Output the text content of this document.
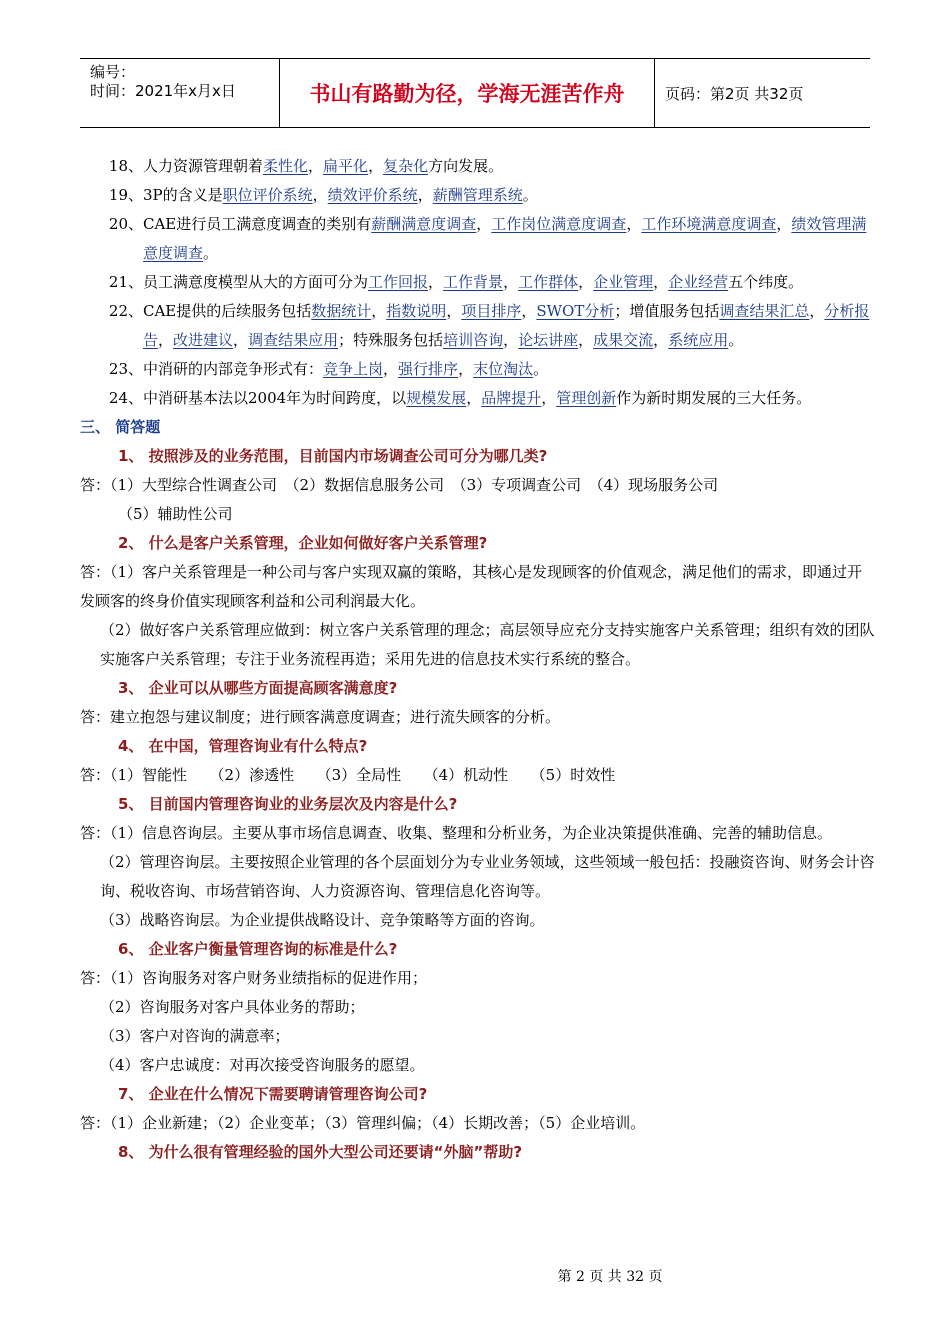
编号：
时间：2021年x月x日	书山有路勤为径，学海无涯苦作舟	页码：第2页 共32页
18、 人力资源管理朝着柔性化，扁平化，复杂化方向发展。
19、 3P的含义是职位评价系统，绩效评价系统，薪酬管理系统。
20、 CAE进行员工满意度调查的类别有薪酬满意度调查，工作岗位满意度调查，工作环境满意度调查，绩效管理满意度调查。
21、 员工满意度模型从大的方面可分为工作回报，工作背景，工作群体，企业管理，企业经营五个纬度。
22、 CAE提供的后续服务包括数据统计，指数说明，项目排序，SWOT分析；增值服务包括调查结果汇总，分析报告，改进建议，调查结果应用；特殊服务包括培训咨询，论坛讲座，成果交流，系统应用。
23、 中消研的内部竞争形式有：竞争上岗，强行排序，末位淘汰。
24、 中消研基本法以2004年为时间跨度，以规模发展，品牌提升，管理创新作为新时期发展的三大任务。
三、 简答题
1、 按照涉及的业务范围，目前国内市场调查公司可分为哪几类?
答：（1）大型综合性调查公司　（2）数据信息服务公司　（3）专项调查公司　（4）现场服务公司
（5）辅助性公司
2、 什么是客户关系管理，企业如何做好客户关系管理?
答：（1）客户关系管理是一种公司与客户实现双赢的策略，其核心是发现顾客的价值观念，满足他们的需求，即通过开发顾客的终身价值实现顾客利益和公司利润最大化。
（2）做好客户关系管理应做到：树立客户关系管理的理念；高层领导应充分支持实施客户关系管理；组织有效的团队实施客户关系管理；专注于业务流程再造；采用先进的信息技术实行系统的整合。
3、 企业可以从哪些方面提高顾客满意度?
答：建立抱怨与建议制度；进行顾客满意度调查；进行流失顾客的分析。
4、 在中国，管理咨询业有什么特点?
答：（1）智能性　　（2）渗透性　　（3）全局性　　（4）机动性　　（5）时效性
5、 目前国内管理咨询业的业务层次及内容是什么?
答：（1）信息咨询层。主要从事市场信息调查、收集、整理和分析业务，为企业决策提供准确、完善的辅助信息。
（2）管理咨询层。主要按照企业管理的各个层面划分为专业业务领域，这些领域一般包括：投融资咨询、财务会计咨询、税收咨询、市场营销咨询、人力资源咨询、管理信息化咨询等。
（3）战略咨询层。为企业提供战略设计、竞争策略等方面的咨询。
6、 企业客户衡量管理咨询的标准是什么?
答：（1）咨询服务对客户财务业绩指标的促进作用；
（2）咨询服务对客户具体业务的帮助；
（3）客户对咨询的满意率；
（4）客户忠诚度：对再次接受咨询服务的愿望。
7、 企业在什么情况下需要聘请管理咨询公司?
答：（1）企业新建；（2）企业变革；（3）管理纠偏；（4）长期改善；（5）企业培训。
8、 为什么很有管理经验的国外大型公司还要请“外脑”帮助?
第 2 页 共 32 页
